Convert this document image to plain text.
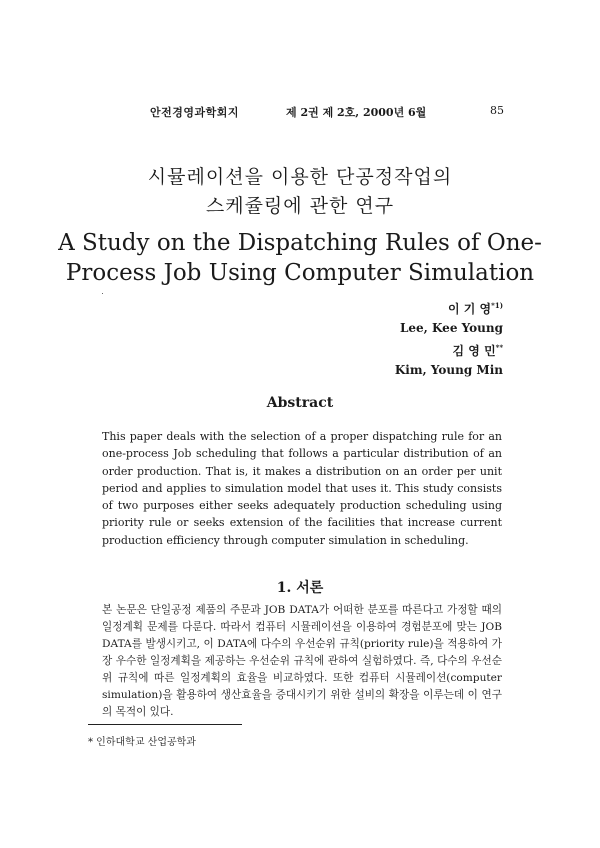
안전경영과학회지	제 2권 제 2호, 2000년 6월	85
시뮬레이션을 이용한 단공정작업의
스케쥴링에 관한 연구
A Study on the Dispatching Rules of One-
Process Job Using Computer Simulation
이 기 영$^{*1)}$
Lee, Kee Young
김 영 민**
Kim, Young Min
Abstract
This paper deals with the selection of a proper dispatching rule for an one-process Job scheduling that follows a particular distribution of an order production. That is, it makes a distribution on an order per unit period and applies to simulation model that uses it. This study consists of two purposes either seeks adequately production scheduling using priority rule or seeks extension of the facilities that increase current production efficiency through computer simulation in scheduling.
1. 서론
본 논문은 단일공정 제품의 주문과 JOB DATA가 어떠한 분포를 따른다고 가정할 때의 일정계획 문제를 다룬다. 따라서 컴퓨터 시뮬레이션을 이용하여 경험분포에 맞는 JOB DATA를 발생시키고, 이 DATA에 다수의 우선순위 규칙(priority rule)을 적용하여 가장 우수한 일정계획을 제공하는 우선순위 규칙에 관하여 실험하였다. 즉, 다수의 우선순위 규칙에 따른 일정계획의 효율을 비교하였다. 또한 컴퓨터 시뮬레이션(computer simulation)을 활용하여 생산효율을 증대시키기 위한 설비의 확장을 이루는데 이 연구의 목적이 있다.
* 인하대학교 산업공학과
